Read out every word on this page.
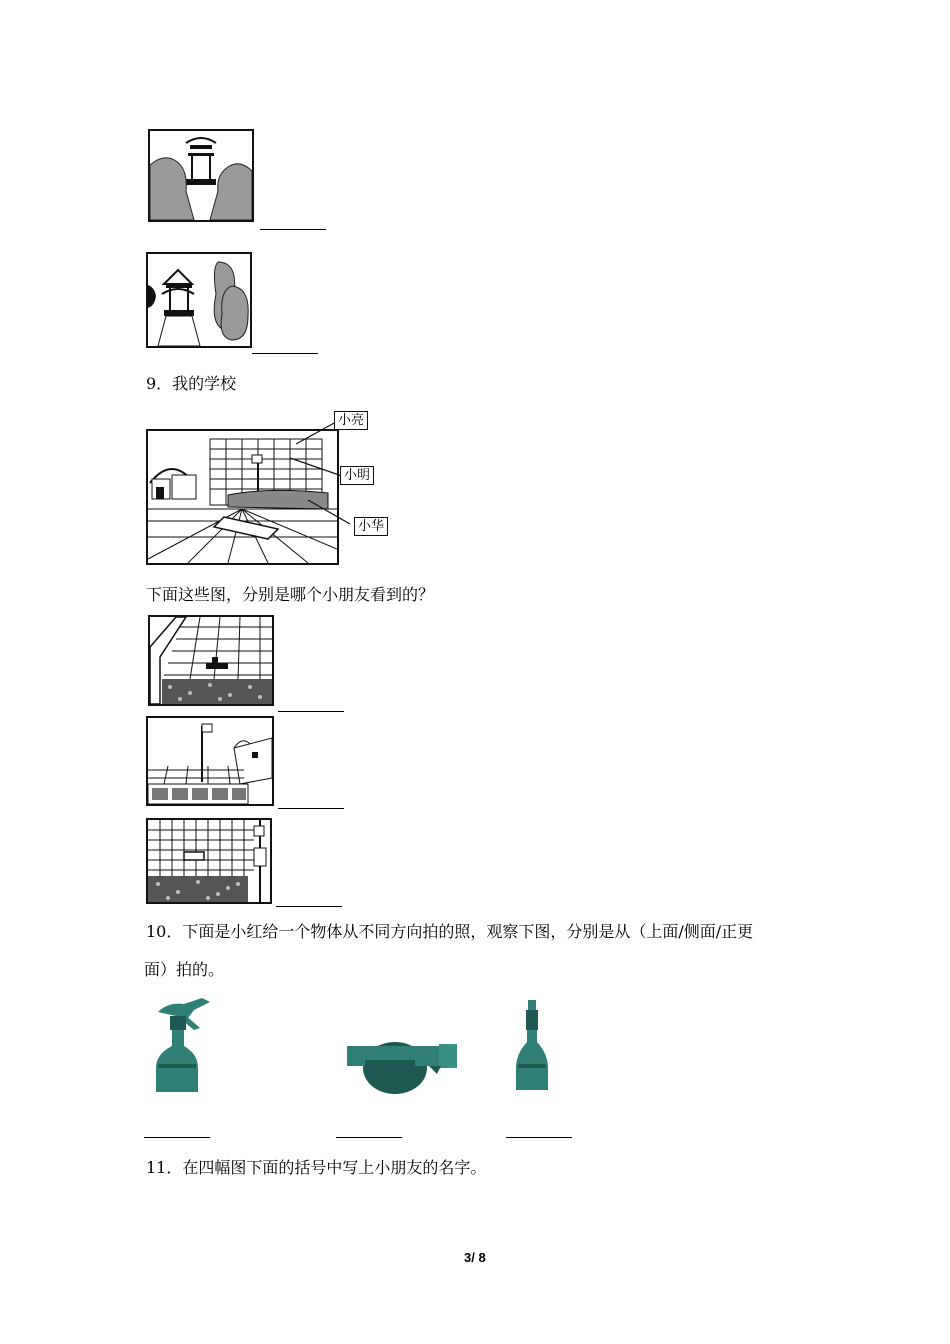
9．我的学校
小亮
小明
小华
下面这些图，分别是哪个小朋友看到的？
10．下面是小红给一个物体从不同方向拍的照，观察下图，分别是从（上面/侧面/正更
面）拍的。
11．在四幅图下面的括号中写上小朋友的名字。
3/ 8
